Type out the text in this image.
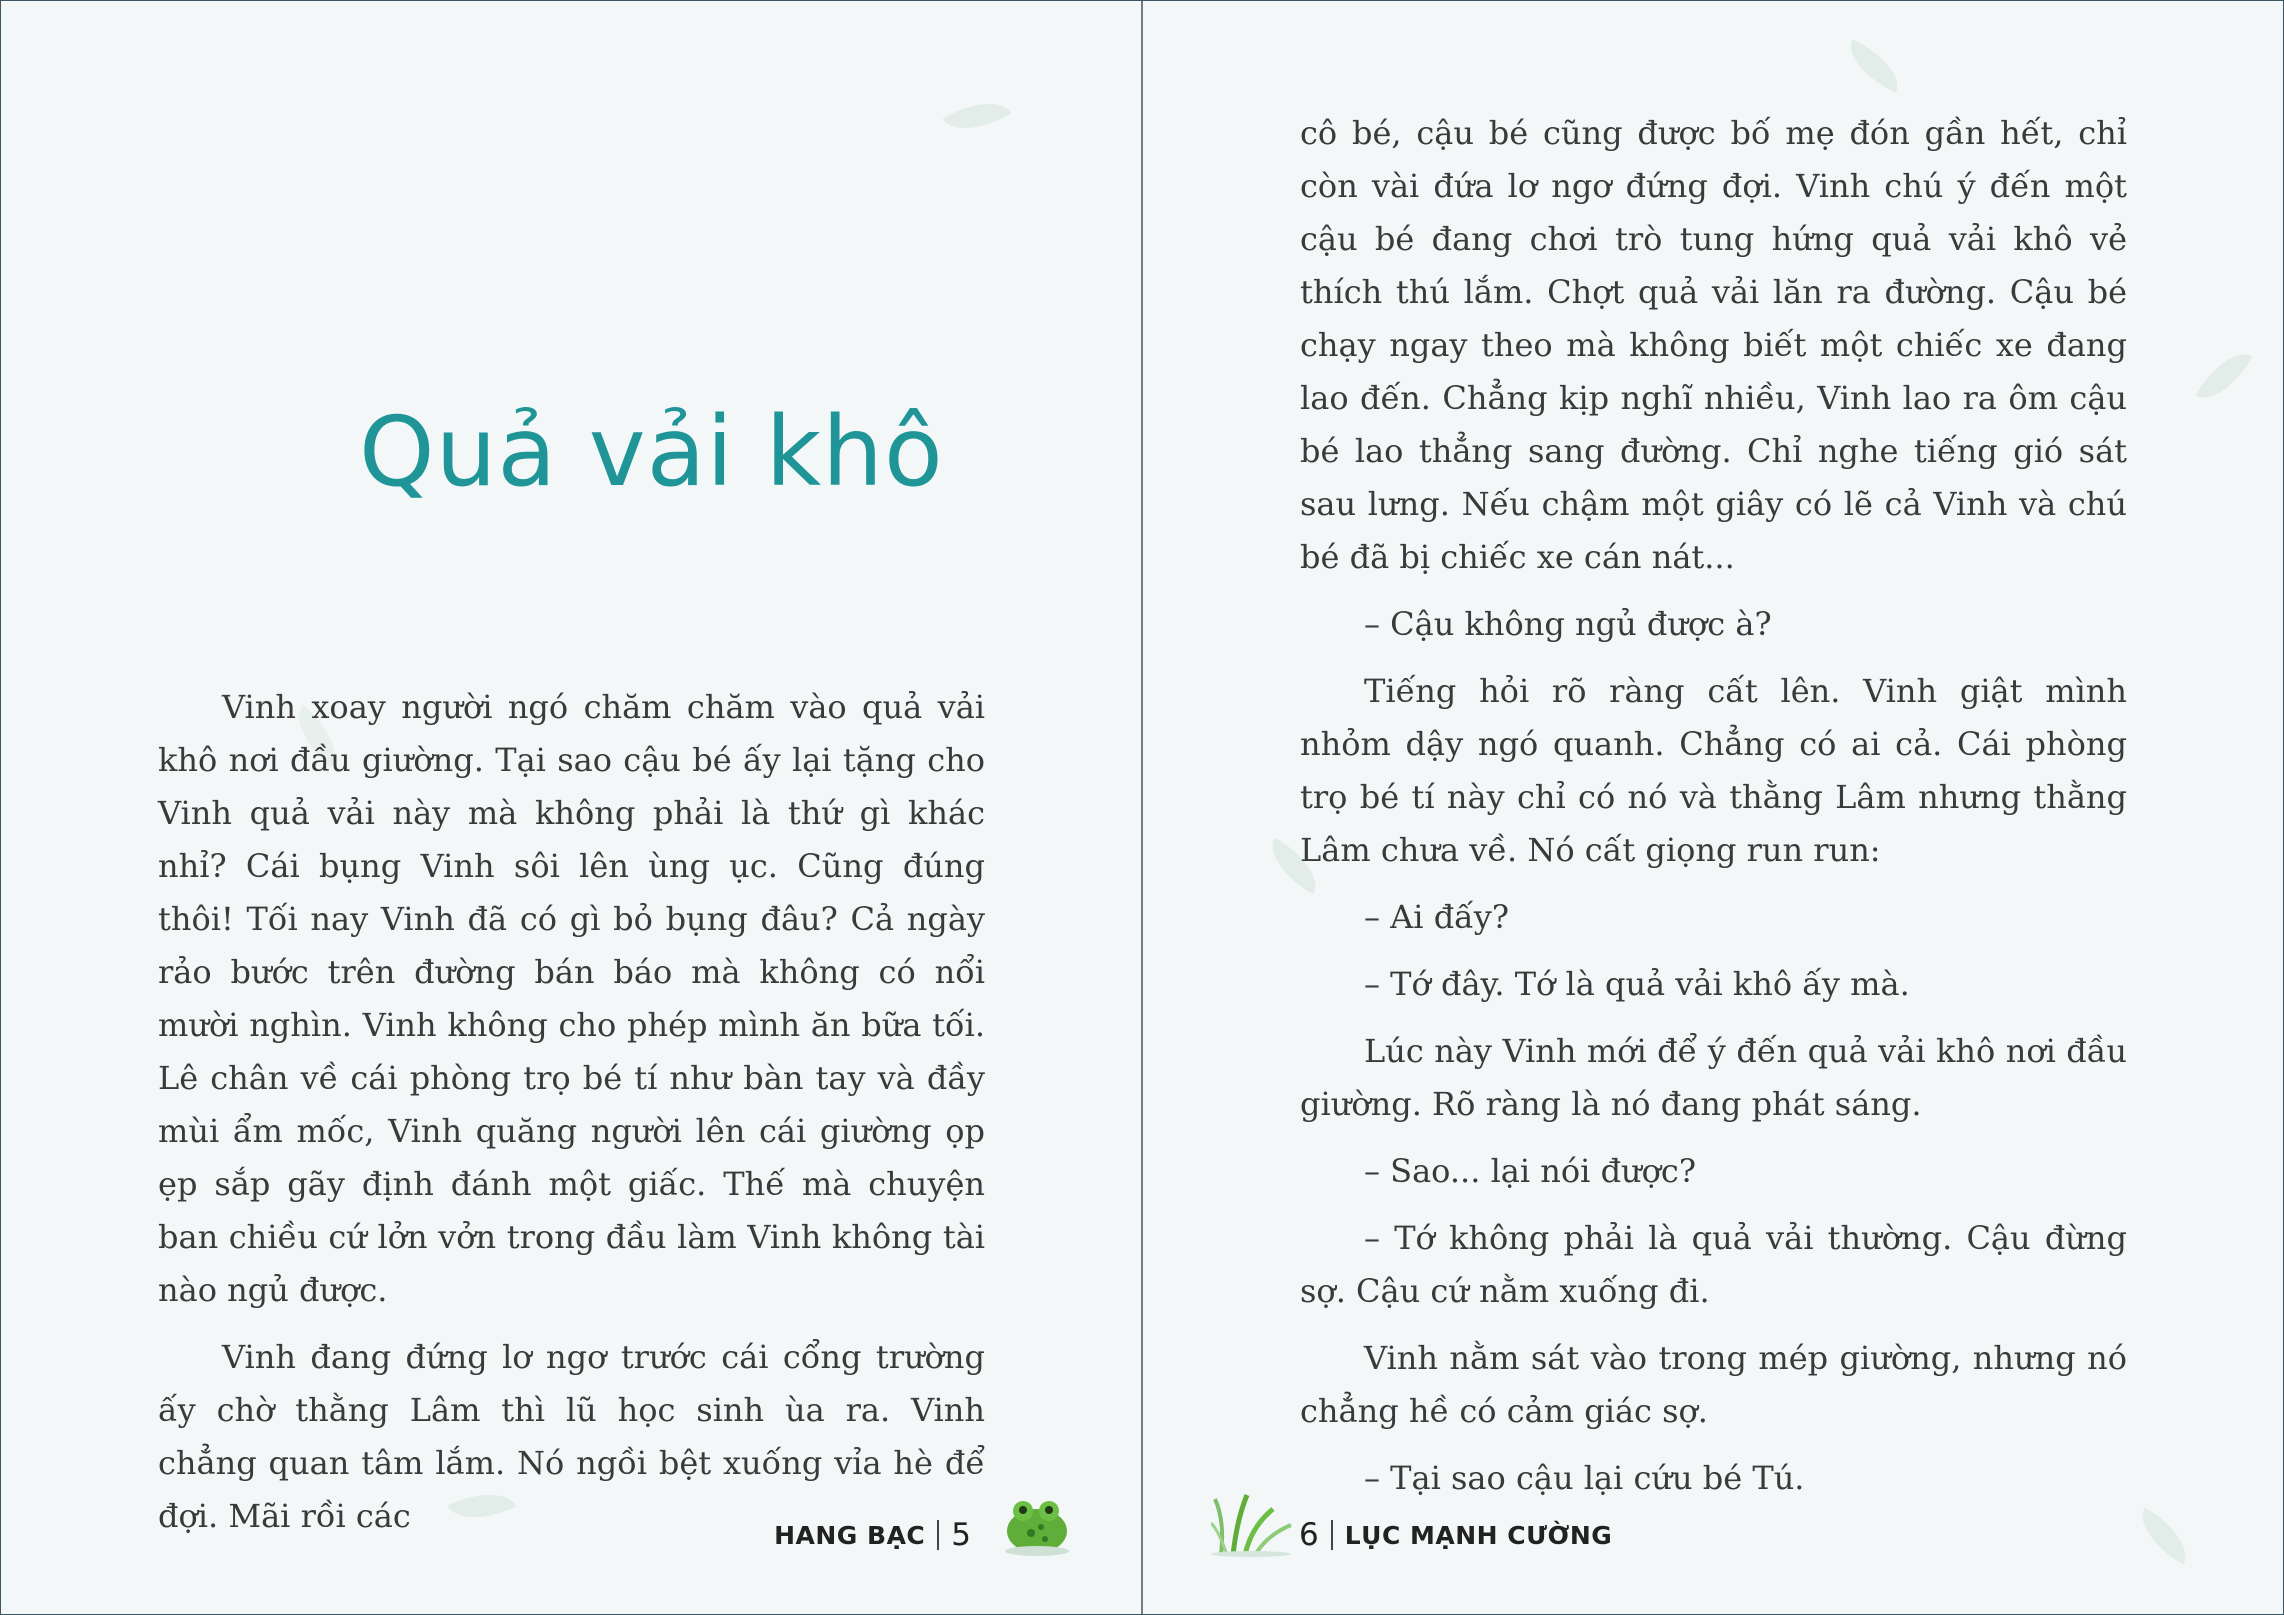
Quả vải khô

Vinh xoay người ngó chăm chăm vào quả vải khô nơi đầu giường. Tại sao cậu bé ấy lại tặng cho Vinh quả vải này mà không phải là thứ gì khác nhỉ? Cái bụng Vinh sôi lên ùng ục. Cũng đúng thôi! Tối nay Vinh đã có gì bỏ bụng đâu? Cả ngày rảo bước trên đường bán báo mà không có nổi mười nghìn. Vinh không cho phép mình ăn bữa tối. Lê chân về cái phòng trọ bé tí như bàn tay và đầy mùi ẩm mốc, Vinh quăng người lên cái giường ọp ẹp sắp gãy định đánh một giấc. Thế mà chuyện ban chiều cứ lởn vởn trong đầu làm Vinh không tài nào ngủ được.

Vinh đang đứng lơ ngơ trước cái cổng trường ấy chờ thằng Lâm thì lũ học sinh ùa ra. Vinh chẳng quan tâm lắm. Nó ngồi bệt xuống vỉa hè để đợi. Mãi rồi các	HANG BẠC 5

cô bé, cậu bé cũng được bố mẹ đón gần hết, chỉ còn vài đứa lơ ngơ đứng đợi. Vinh chú ý đến một cậu bé đang chơi trò tung hứng quả vải khô vẻ thích thú lắm. Chợt quả vải lăn ra đường. Cậu bé chạy ngay theo mà không biết một chiếc xe đang lao đến. Chẳng kịp nghĩ nhiều, Vinh lao ra ôm cậu bé lao thẳng sang đường. Chỉ nghe tiếng gió sát sau lưng. Nếu chậm một giây có lẽ cả Vinh và chú bé đã bị chiếc xe cán nát...

– Cậu không ngủ được à?

Tiếng hỏi rõ ràng cất lên. Vinh giật mình nhỏm dậy ngó quanh. Chẳng có ai cả. Cái phòng trọ bé tí này chỉ có nó và thằng Lâm nhưng thằng Lâm chưa về. Nó cất giọng run run:

– Ai đấy?

– Tớ đây. Tớ là quả vải khô ấy mà.

Lúc này Vinh mới để ý đến quả vải khô nơi đầu giường. Rõ ràng là nó đang phát sáng.

– Sao... lại nói được?

– Tớ không phải là quả vải thường. Cậu đừng sợ. Cậu cứ nằm xuống đi.

Vinh nằm sát vào trong mép giường, nhưng nó chẳng hề có cảm giác sợ.

– Tại sao cậu lại cứu bé Tú.

6 LỤC MẠNH CƯỜNG
